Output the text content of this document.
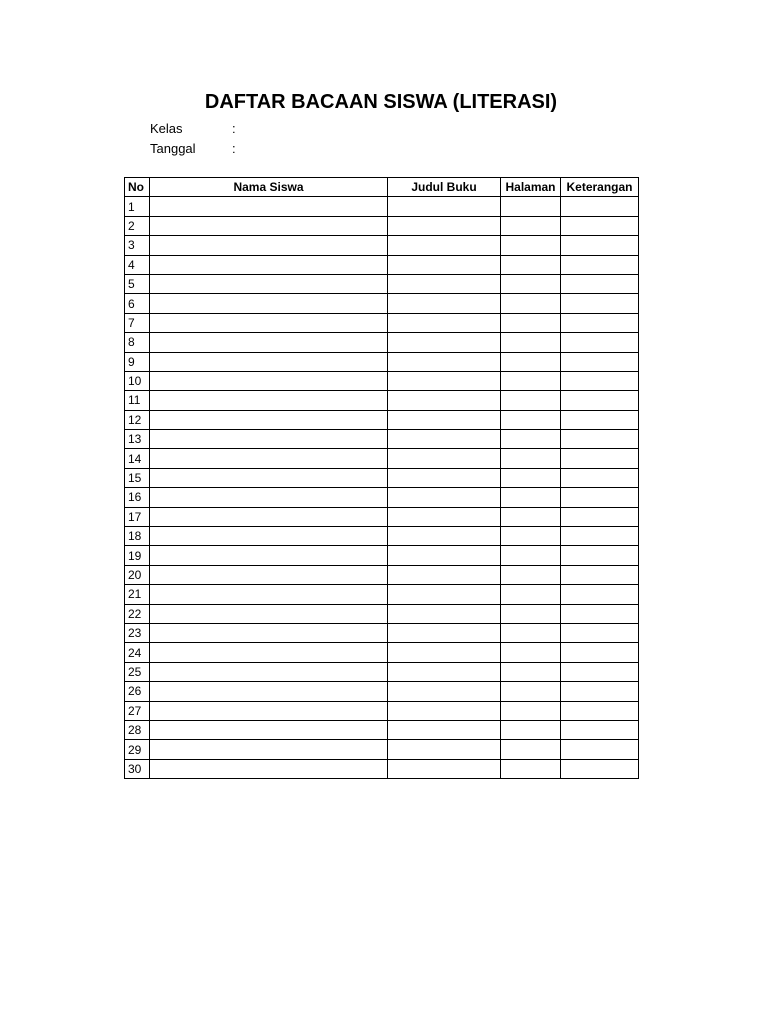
DAFTAR BACAAN SISWA (LITERASI)
Kelas	:
Tanggal	:
No	Nama Siswa	Judul Buku	Halaman	Keterangan
1				
2				
3				
4				
5				
6				
7				
8				
9				
10				
11				
12				
13				
14				
15				
16				
17				
18				
19				
20				
21				
22				
23				
24				
25				
26				
27				
28				
29				
30				
